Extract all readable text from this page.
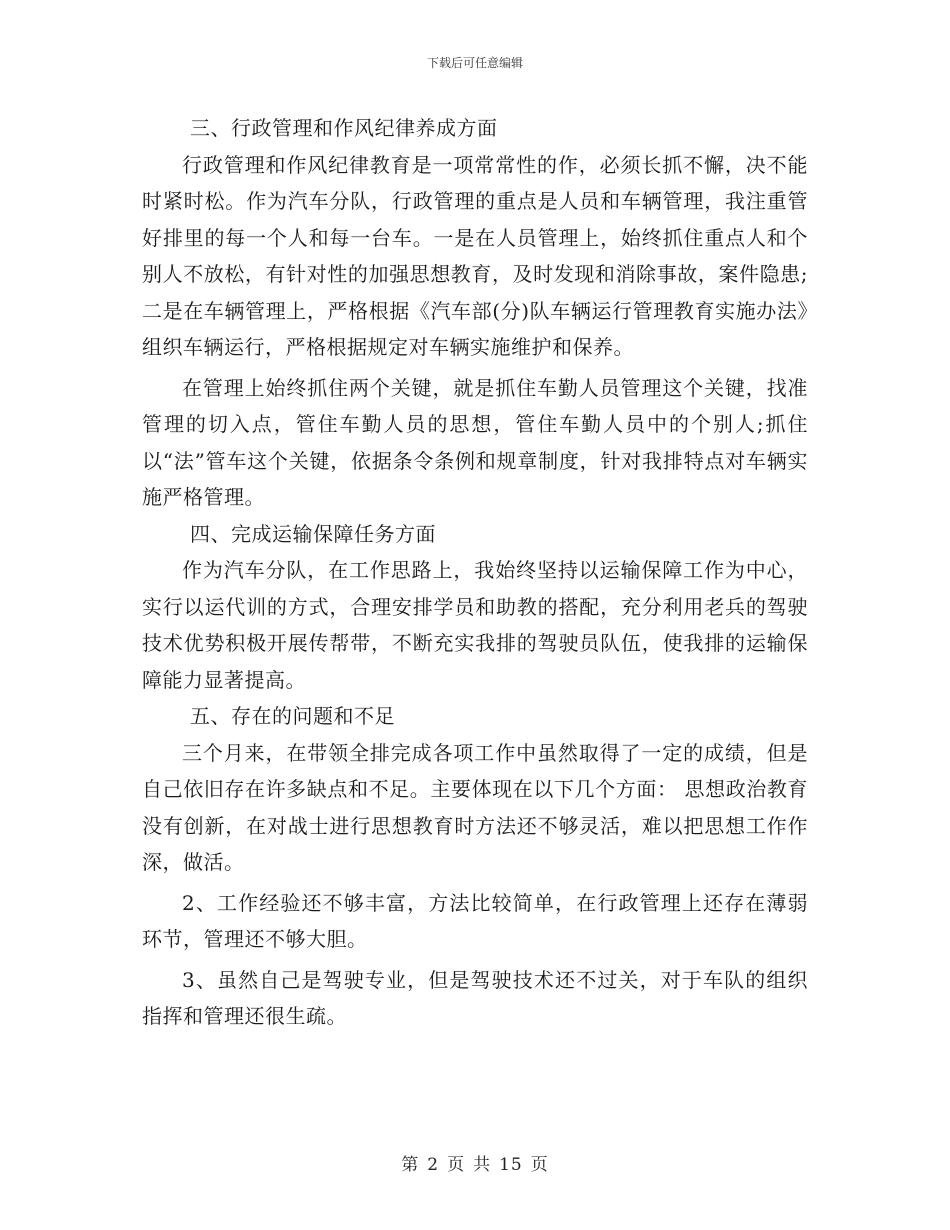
下载后可任意编辑

三、行政管理和作风纪律养成方面

行政管理和作风纪律教育是一项常常性的作，必须长抓不懈，决不能时紧时松。作为汽车分队，行政管理的重点是人员和车辆管理，我注重管好排里的每一个人和每一台车。一是在人员管理上，始终抓住重点人和个别人不放松，有针对性的加强思想教育，及时发现和消除事故，案件隐患;二是在车辆管理上，严格根据《汽车部(分)队车辆运行管理教育实施办法》组织车辆运行，严格根据规定对车辆实施维护和保养。

在管理上始终抓住两个关键，就是抓住车勤人员管理这个关键，找准管理的切入点，管住车勤人员的思想，管住车勤人员中的个别人;抓住以“法”管车这个关键，依据条令条例和规章制度，针对我排特点对车辆实施严格管理。

四、完成运输保障任务方面

作为汽车分队，在工作思路上，我始终坚持以运输保障工作为中心，实行以运代训的方式，合理安排学员和助教的搭配，充分利用老兵的驾驶技术优势积极开展传帮带，不断充实我排的驾驶员队伍，使我排的运输保障能力显著提高。

五、存在的问题和不足

三个月来，在带领全排完成各项工作中虽然取得了一定的成绩，但是自己依旧存在许多缺点和不足。主要体现在以下几个方面： 思想政治教育没有创新，在对战士进行思想教育时方法还不够灵活，难以把思想工作作深，做活。

2、工作经验还不够丰富，方法比较简单，在行政管理上还存在薄弱环节，管理还不够大胆。

3、虽然自己是驾驶专业，但是驾驶技术还不过关，对于车队的组织指挥和管理还很生疏。

第 2 页 共 15 页
